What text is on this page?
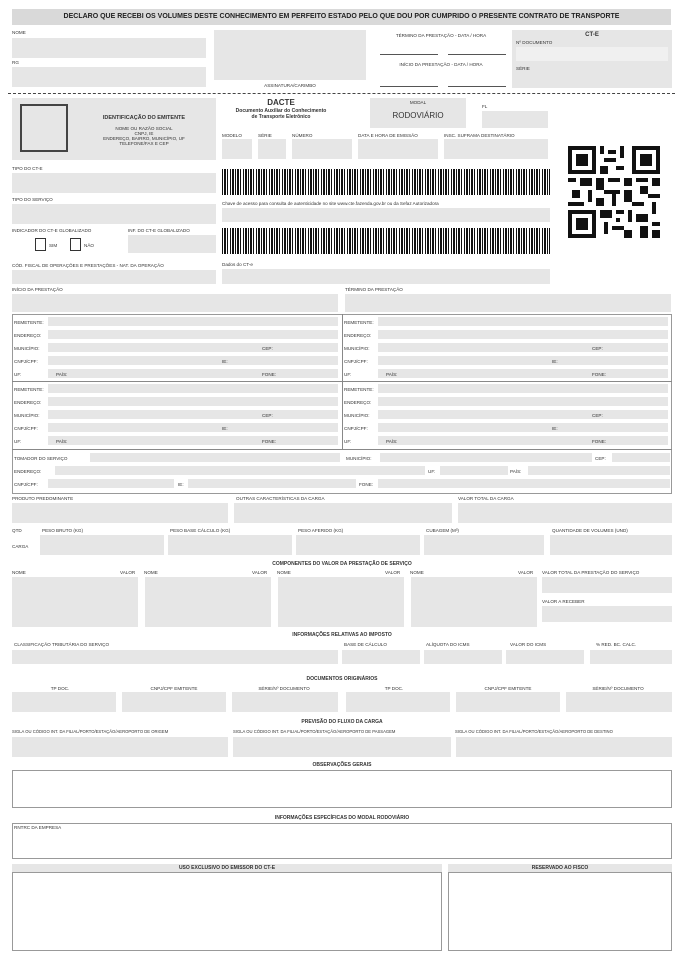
DECLARO QUE RECEBI OS VOLUMES DESTE CONHECIMENTO EM PERFEITO ESTADO PELO QUE DOU POR CUMPRIDO O PRESENTE CONTRATO DE TRANSPORTE
NOME
RG
ASSINATURA/CARIMBO
TÉRMINO DA PRESTAÇÃO - DATA / HORA
INÍCIO DA PRESTAÇÃO - DATA / HORA
CT-E
Nº DOCUMENTO
SÉRIE
IDENTIFICAÇÃO DO EMITENTE
NOME OU RAZÃO SOCIAL
CNPJ, IE
ENDEREÇO, BAIRRO, MUNICÍPIO, UF
TELEFONE/FAX E CEP
DACTE
Documento Auxiliar do Conhecimento
de Transporte Eletrônico
MODAL
RODOVIÁRIO
FL
MODELO	SÉRIE	NÚMERO	DATA E HORA DE EMISSÃO	INSC. SUFRAMA DESTINATÁRIO
TIPO DO CT-E
TIPO DO SERVIÇO
INDICADOR DO CT-E GLOBALIZADO	INF. DO CT-E GLOBALIZADO
SIM	NÃO
CÓD. FISCAL DE OPERAÇÕES E PRESTAÇÕES - NAT. DA OPERAÇÃO
Chave de acesso para consulta de autenticidade no site www.cte.fazenda.gov.br ou da Sefaz Autorizadora
Dados do CT-e
INÍCIO DA PRESTAÇÃO	TÉRMINO DA PRESTAÇÃO
REMETENTE:
ENDEREÇO:
MUNICÍPIO:	CEP:
CNPJ/CPF:	IE:
UF:	PAÍS:	FONE:
REMETENTE:
ENDEREÇO:
MUNICÍPIO:	CEP:
CNPJ/CPF:	IE:
UF:	PAÍS:	FONE:
REMETENTE:
ENDEREÇO:
MUNICÍPIO:	CEP:
CNPJ/CPF:	IE:
UF:	PAÍS:	FONE:
REMETENTE:
ENDEREÇO:
MUNICÍPIO:	CEP:
CNPJ/CPF:	IE:
UF:	PAÍS:	FONE:
TOMADOR DO SERVIÇO	MUNICÍPIO:	CEP:
ENDEREÇO:	UF:	PAÍS:
CNPJ/CPF:	IE:	FONE:
PRODUTO PREDOMINANTE	OUTRAS CARACTERÍSTICAS DA CARGA	VALOR TOTAL DA CARGA
QTD
CARGA
PESO BRUTO (KG)	PESO BASE CÁLCULO (KG)	PESO AFERIDO (KG)	CUBAGEM (M³)	QUANTIDADE DE VOLUMES (UND)
COMPONENTES DO VALOR DA PRESTAÇÃO DE SERVIÇO
NOME	VALOR NOME	VALOR NOME	VALOR NOME	VALOR VALOR TOTAL DA PRESTAÇÃO DO SERVIÇO
VALOR A RECEBER
INFORMAÇÕES RELATIVAS AO IMPOSTO
CLASSIFICAÇÃO TRIBUTÁRIA DO SERVIÇO	BASE DE CÁLCULO	ALÍQUOTA DO ICMS	VALOR DO ICMS	% RED. BC. CALC.
DOCUMENTOS ORIGINÁRIOS
TP DOC.	CNPJ/CPF EMITENTE	SÉRIE/Nº DOCUMENTO	TP DOC.	CNPJ/CPF EMITENTE	SÉRIE/Nº DOCUMENTO
PREVISÃO DO FLUXO DA CARGA
SIGLA OU CÓDIGO INT. DA FILIAL/PORTO/ESTAÇÃO/AEROPORTO DE ORIGEM	SIGLA OU CÓDIGO INT. DA FILIAL/PORTO/ESTAÇÃO/AEROPORTO DE PASSAGEM	SIGLA OU CÓDIGO INT. DA FILIAL/PORTO/ESTAÇÃO/AEROPORTO DE DESTINO
OBSERVAÇÕES GERAIS
INFORMAÇÕES ESPECÍFICAS DO MODAL RODOVIÁRIO
RNTRC DA EMPRESA
USO EXCLUSIVO DO EMISSOR DO CT-E	RESERVADO AO FISCO
